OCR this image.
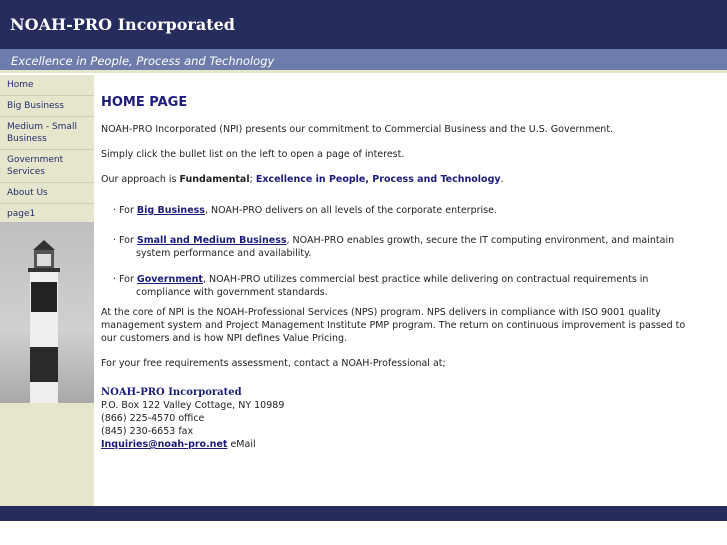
NOAH-PRO Incorporated
Excellence in People, Process and Technology
Home
Big Business
Medium - Small Business
Government Services
About Us
page1
HOME PAGE

NOAH-PRO Incorporated (NPI) presents our commitment to Commercial Business and the U.S. Government.

Simply click the bullet list on the left to open a page of interest.

Our approach is Fundamental; Excellence in People, Process and Technology.

· For Big Business, NOAH-PRO delivers on all levels of the corporate enterprise.
· For Small and Medium Business, NOAH-PRO enables growth, secure the IT computing environment, and maintain system performance and availability.
· For Government, NOAH-PRO utilizes commercial best practice while delivering on contractual requirements in compliance with government standards.

At the core of NPI is the NOAH-Professional Services (NPS) program. NPS delivers in compliance with ISO 9001 quality management system and Project Management Institute PMP program. The return on continuous improvement is passed to our customers and is how NPI defines Value Pricing.

For your free requirements assessment, contact a NOAH-Professional at;

NOAH-PRO Incorporated
P.O. Box 122 Valley Cottage, NY 10989
(866) 225-4570 office
(845) 230-6653 fax
Inquiries@noah-pro.net eMail
